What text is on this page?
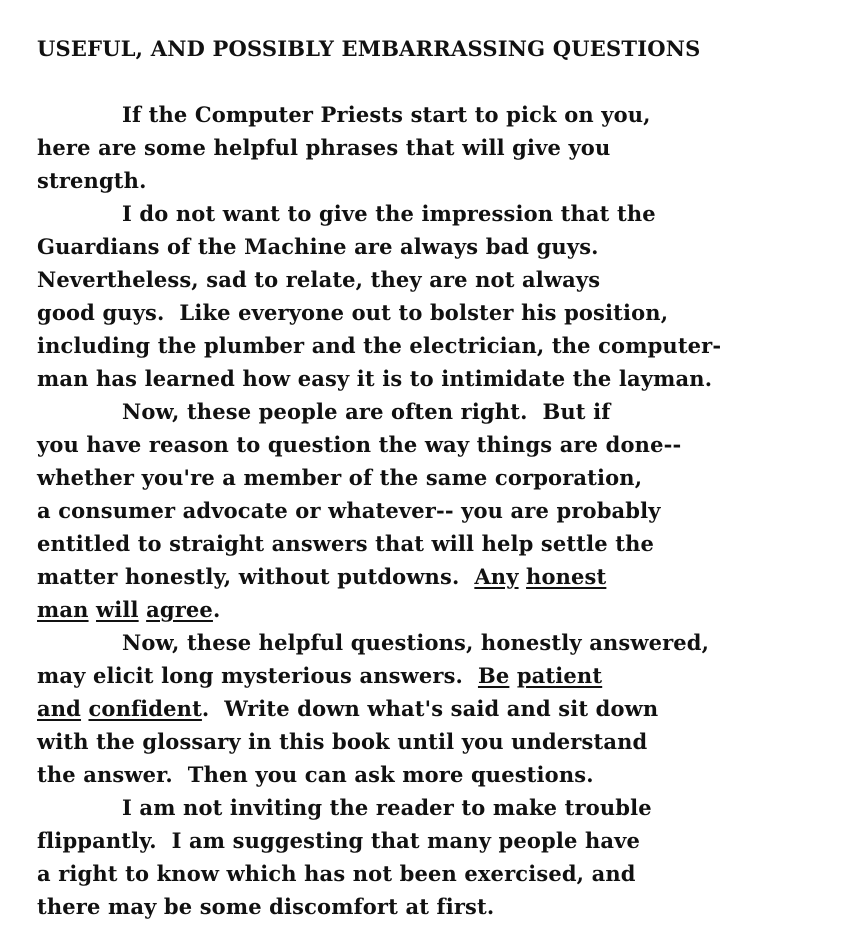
USEFUL, AND POSSIBLY EMBARRASSING QUESTIONS
If the Computer Priests start to pick on you,
here are some helpful phrases that will give you
strength.
I do not want to give the impression that the
Guardians of the Machine are always bad guys.
Nevertheless, sad to relate, they are not always
good guys.  Like everyone out to bolster his position,
including the plumber and the electrician, the computer-
man has learned how easy it is to intimidate the layman.
Now, these people are often right.  But if
you have reason to question the way things are done--
whether you're a member of the same corporation,
a consumer advocate or whatever-- you are probably
entitled to straight answers that will help settle the
matter honestly, without putdowns.  Any honest
man will agree.
Now, these helpful questions, honestly answered,
may elicit long mysterious answers.  Be patient
and confident.  Write down what's said and sit down
with the glossary in this book until you understand
the answer.  Then you can ask more questions.
I am not inviting the reader to make trouble
flippantly.  I am suggesting that many people have
a right to know which has not been exercised, and
there may be some discomfort at first.
